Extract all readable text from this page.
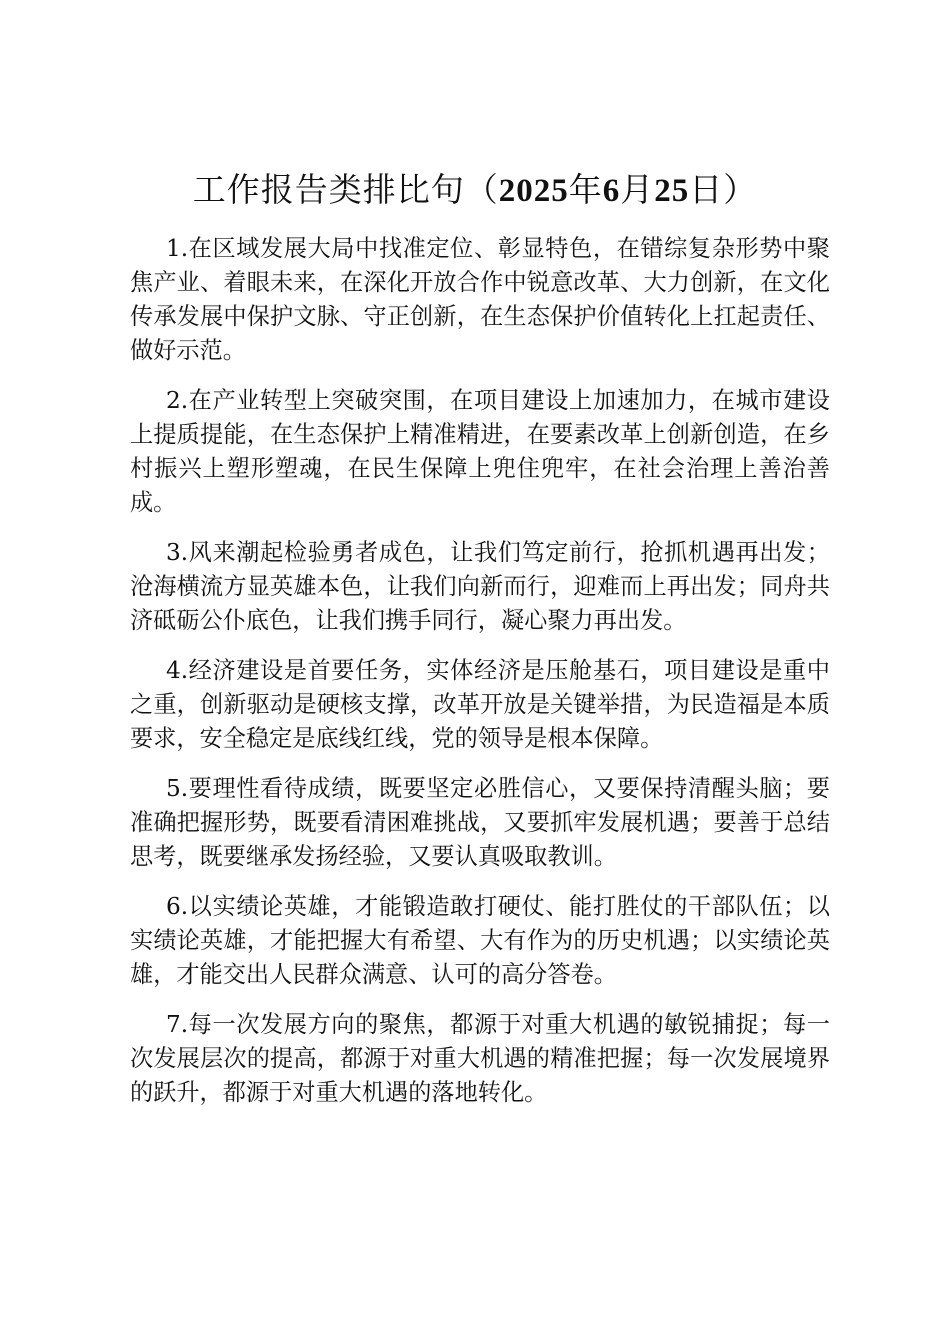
工作报告类排比句（2025年6月25日）

1.在区域发展大局中找准定位、彰显特色，在错综复杂形势中聚焦产业、着眼未来，在深化开放合作中锐意改革、大力创新，在文化传承发展中保护文脉、守正创新，在生态保护价值转化上扛起责任、做好示范。

2.在产业转型上突破突围，在项目建设上加速加力，在城市建设上提质提能，在生态保护上精准精进，在要素改革上创新创造，在乡村振兴上塑形塑魂，在民生保障上兜住兜牢，在社会治理上善治善成。

3.风来潮起检验勇者成色，让我们笃定前行，抢抓机遇再出发；沧海横流方显英雄本色，让我们向新而行，迎难而上再出发；同舟共济砥砺公仆底色，让我们携手同行，凝心聚力再出发。

4.经济建设是首要任务，实体经济是压舱基石，项目建设是重中之重，创新驱动是硬核支撑，改革开放是关键举措，为民造福是本质要求，安全稳定是底线红线，党的领导是根本保障。

5.要理性看待成绩，既要坚定必胜信心，又要保持清醒头脑；要准确把握形势，既要看清困难挑战，又要抓牢发展机遇；要善于总结思考，既要继承发扬经验，又要认真吸取教训。

6.以实绩论英雄，才能锻造敢打硬仗、能打胜仗的干部队伍；以实绩论英雄，才能把握大有希望、大有作为的历史机遇；以实绩论英雄，才能交出人民群众满意、认可的高分答卷。

7.每一次发展方向的聚焦，都源于对重大机遇的敏锐捕捉；每一次发展层次的提高，都源于对重大机遇的精准把握；每一次发展境界的跃升，都源于对重大机遇的落地转化。
